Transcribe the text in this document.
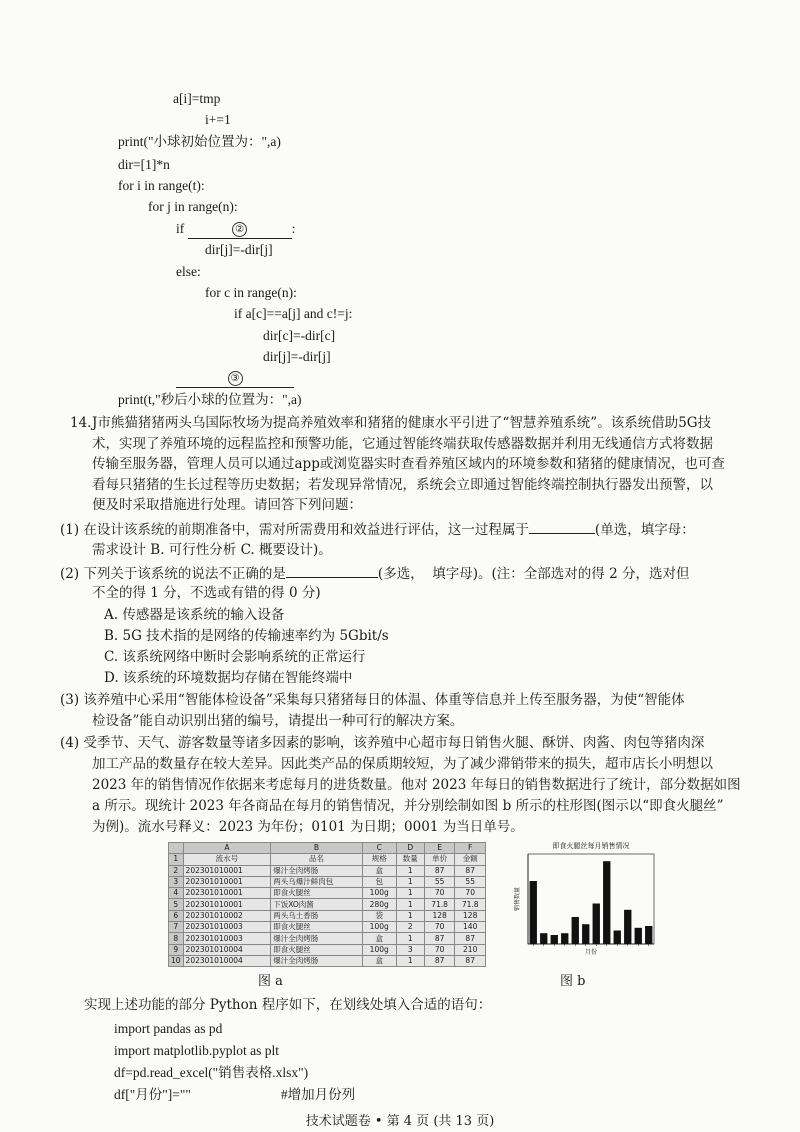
a[i]=tmp
i+=1
print("小球初始位置为：",a)
dir=[1]*n
for i in range(t):
for j in range(n):
if	②	:
dir[j]=-dir[j]
else:
for c in range(n):
if a[c]==a[j] and c!=j:
dir[c]=-dir[c]
dir[j]=-dir[j]
③
print(t,"秒后小球的位置为：",a)
14. J市熊猫猪猪两头乌国际牧场为提高养殖效率和猪猪的健康水平引进了“智慧养殖系统”。该系统借助5G技
术，实现了养殖环境的远程监控和预警功能，它通过智能终端获取传感器数据并利用无线通信方式将数据
传输至服务器，管理人员可以通过app或浏览器实时查看养殖区域内的环境参数和猪猪的健康情况，也可查
看每只猪猪的生长过程等历史数据；若发现异常情况，系统会立即通过智能终端控制执行器发出预警，以
便及时采取措施进行处理。请回答下列问题：
(1) 在设计该系统的前期准备中，需对所需费用和效益进行评估，这一过程属于	(单选，填字母：
需求设计 B. 可行性分析 C. 概要设计)。
(2) 下列关于该系统的说法不正确的是	(多选，  填字母)。(注：全部选对的得 2 分，选对但
不全的得 1 分，不选或有错的得 0 分)
A. 传感器是该系统的输入设备
B. 5G 技术指的是网络的传输速率约为 5Gbit/s
C. 该系统网络中断时会影响系统的正常运行
D. 该系统的环境数据均存储在智能终端中
(3) 该养殖中心采用“智能体检设备”采集每只猪猪每日的体温、体重等信息并上传至服务器，为使“智能体
检设备”能自动识别出猪的编号，请提出一种可行的解决方案。
(4) 受季节、天气、游客数量等诸多因素的影响，该养殖中心超市每日销售火腿、酥饼、肉酱、肉包等猪肉深
加工产品的数量存在较大差异。因此类产品的保质期较短，为了减少滞销带来的损失，超市店长小明想以
2023 年的销售情况作依据来考虑每月的进货数量。他对 2023 年每日的销售数据进行了统计，部分数据如图
a 所示。现统计 2023 年各商品在每月的销售情况，并分别绘制如图 b 所示的柱形图(图示以“即食火腿丝”
为例)。流水号释义：2023 为年份；0101 为日期；0001 为当日单号。
	A	B	C	D	E	F
1	流水号	品名	规格	数量	单价	金额
2	202301010001	爆汁全肉烤肠	盒	1	87	87
3	202301010001	两头乌爆汁鲜肉包	包	1	55	55
4	202301010001	即食火腿丝	100g	1	70	70
5	202301010001	下饭XO肉酱	280g	1	71.8	71.8
6	202301010002	两头乌土香肠	袋	1	128	128
7	202301010003	即食火腿丝	100g	2	70	140
8	202301010003	爆汁全肉烤肠	盒	1	87	87
9	202301010004	即食火腿丝	100g	3	70	210
10	202301010004	爆汁全肉烤肠	盒	1	87	87
图 a
即食火腿丝每月销售情况
销售数量
月份
图 b
实现上述功能的部分 Python 程序如下，在划线处填入合适的语句：
import pandas as pd
import matplotlib.pyplot as plt
df=pd.read_excel("销售表格.xlsx")
df["月份"]=""	#增加月份列
技术试题卷 • 第 4 页 (共 13 页)
